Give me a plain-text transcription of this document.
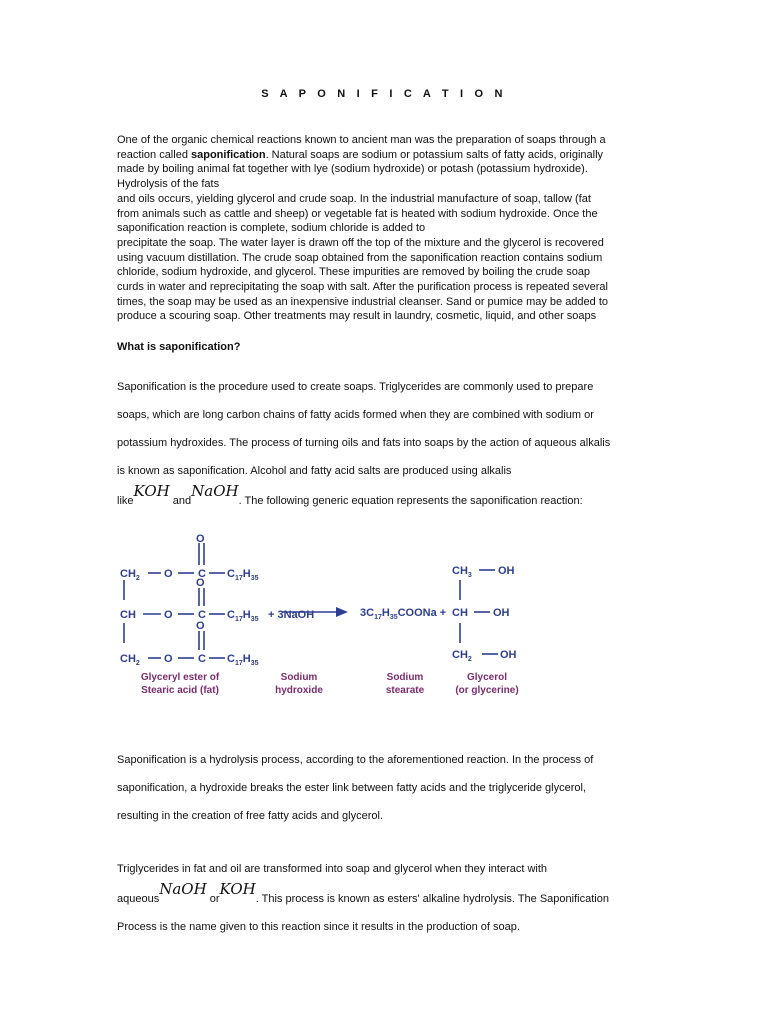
S A P O N I F I C A T I O N
One of the organic chemical reactions known to ancient man was the preparation of soaps through a
reaction called saponification. Natural soaps are sodium or potassium salts of fatty acids, originally
made by boiling animal fat together with lye (sodium hydroxide) or potash (potassium hydroxide).
Hydrolysis of the fats
and oils occurs, yielding glycerol and crude soap. In the industrial manufacture of soap, tallow (fat
from animals such as cattle and sheep) or vegetable fat is heated with sodium hydroxide. Once the
saponification reaction is complete, sodium chloride is added to
precipitate the soap. The water layer is drawn off the top of the mixture and the glycerol is recovered
using vacuum distillation. The crude soap obtained from the saponification reaction contains sodium
chloride, sodium hydroxide, and glycerol. These impurities are removed by boiling the crude soap
curds in water and reprecipitating the soap with salt. After the purification process is repeated several
times, the soap may be used as an inexpensive industrial cleanser. Sand or pumice may be added to
produce a scouring soap. Other treatments may result in laundry, cosmetic, liquid, and other soaps
What is saponification?
Saponification is the procedure used to create soaps. Triglycerides are commonly used to prepare
soaps, which are long carbon chains of fatty acids formed when they are combined with sodium or
potassium hydroxides. The process of turning oils and fats into soaps by the action of aqueous alkalis
is known as saponification. Alcohol and fatty acid salts are produced using alkalis
likeKOH andNaOH. The following generic equation represents the saponification reaction:
O
O
O
$CH_2$ O C $C_{17}H_{35}$
CH	O C $C_{17}H_{35}$ + 3NaOH
$CH_2$ O C $C_{17}H_{35}$
$3C_{17}H_{35}COONa$ + CH
$CH_3$ OH
OH
$CH_2$	OH
Glyceryl ester of
Stearic acid (fat)
Sodium
hydroxide
Sodium
stearate
Glycerol
(or glycerine)
Saponification is a hydrolysis process, according to the aforementioned reaction. In the process of
saponification, a hydroxide breaks the ester link between fatty acids and the triglyceride glycerol,
resulting in the creation of free fatty acids and glycerol.
Triglycerides in fat and oil are transformed into soap and glycerol when they interact with
aqueousNaOH orKOH. This process is known as esters' alkaline hydrolysis. The Saponification
Process is the name given to this reaction since it results in the production of soap.
